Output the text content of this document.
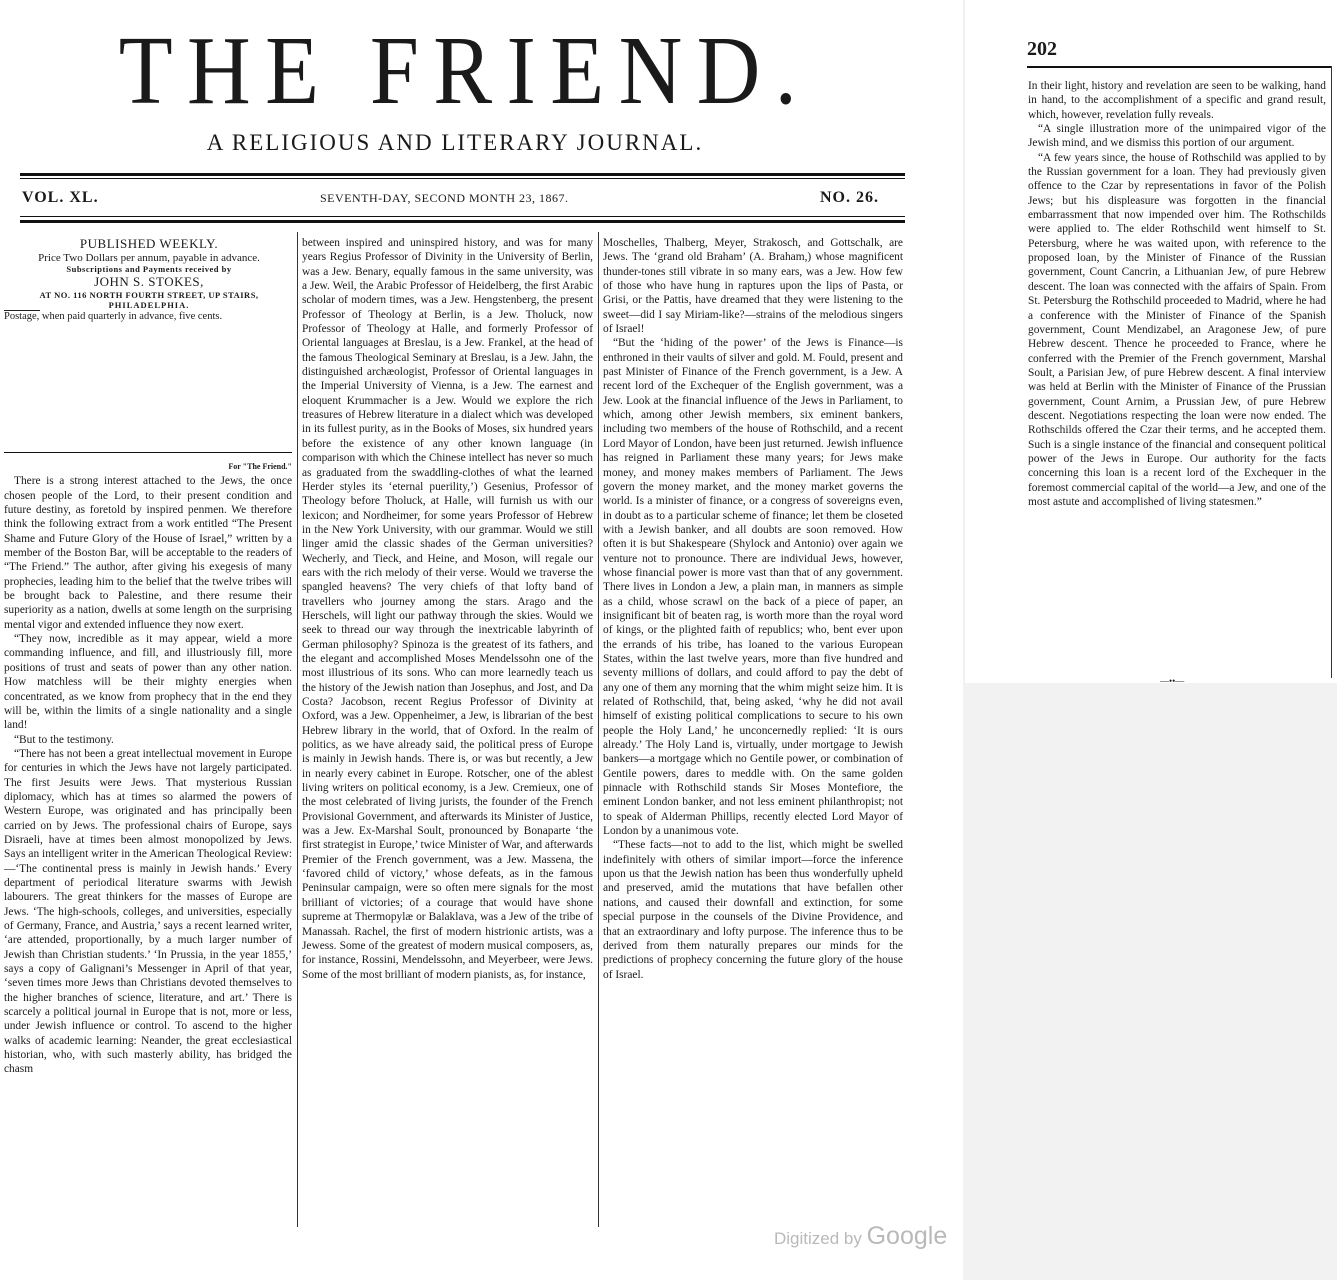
THE FRIEND.
A RELIGIOUS AND LITERARY JOURNAL.
VOL. XL.	SEVENTH-DAY, SECOND MONTH 23, 1867.	NO. 26.
PUBLISHED WEEKLY.
Price Two Dollars per annum, payable in advance.
Subscriptions and Payments received by
JOHN S. STOKES,
AT NO. 116 NORTH FOURTH STREET, UP STAIRS,
PHILADELPHIA.
Postage, when paid quarterly in advance, five cents.

For "The Friend."

There is a strong interest attached to the Jews, the once chosen people of the Lord, to their present condition and future destiny, as foretold by inspired penmen. We therefore think the following extract from a work entitled “The Present Shame and Future Glory of the House of Israel,” written by a member of the Boston Bar, will be acceptable to the readers of “The Friend.” The author, after giving his exegesis of many prophecies, leading him to the belief that the twelve tribes will be brought back to Palestine, and there resume their superiority as a nation, dwells at some length on the surprising mental vigor and extended influence they now exert.

“They now, incredible as it may appear, wield a more commanding influence, and fill, and illustriously fill, more positions of trust and seats of power than any other nation. How matchless will be their mighty energies when concentrated, as we know from prophecy that in the end they will be, within the limits of a single nationality and a single land!

“But to the testimony.

“There has not been a great intellectual movement in Europe for centuries in which the Jews have not largely participated. The first Jesuits were Jews. That mysterious Russian diplomacy, which has at times so alarmed the powers of Western Europe, was originated and has principally been carried on by Jews. The professional chairs of Europe, says Disraeli, have at times been almost monopolized by Jews. Says an intelligent writer in the American Theological Review:—‘The continental press is mainly in Jewish hands.’ Every department of periodical literature swarms with Jewish labourers. The great thinkers for the masses of Europe are Jews. ‘The high-schools, colleges, and universities, especially of Germany, France, and Austria,’ says a recent learned writer, ‘are attended, proportionally, by a much larger number of Jewish than Christian students.’ ‘In Prussia, in the year 1855,’ says a copy of Galignani’s Messenger in April of that year, ‘seven times more Jews than Christians devoted themselves to the higher branches of science, literature, and art.’ There is scarcely a political journal in Europe that is not, more or less, under Jewish influence or control. To ascend to the higher walks of academic learning: Neander, the great ecclesiastical historian, who, with such masterly ability, has bridged the chasm

between inspired and uninspired history, and was for many years Regius Professor of Divinity in the University of Berlin, was a Jew. Benary, equally famous in the same university, was a Jew. Weil, the Arabic Professor of Heidelberg, the first Arabic scholar of modern times, was a Jew. Hengstenberg, the present Professor of Theology at Berlin, is a Jew. Tholuck, now Professor of Theology at Halle, and formerly Professor of Oriental languages at Breslau, is a Jew. Frankel, at the head of the famous Theological Seminary at Breslau, is a Jew. Jahn, the distinguished archæologist, Professor of Oriental languages in the Imperial University of Vienna, is a Jew. The earnest and eloquent Krummacher is a Jew. Would we explore the rich treasures of Hebrew literature in a dialect which was developed in its fullest purity, as in the Books of Moses, six hundred years before the existence of any other known language (in comparison with which the Chinese intellect has never so much as graduated from the swaddling-clothes of what the learned Herder styles its ‘eternal puerility,’) Gesenius, Professor of Theology before Tholuck, at Halle, will furnish us with our lexicon; and Nordheimer, for some years Professor of Hebrew in the New York University, with our grammar. Would we still linger amid the classic shades of the German universities? Wecherly, and Tieck, and Heine, and Moson, will regale our ears with the rich melody of their verse. Would we traverse the spangled heavens? The very chiefs of that lofty band of travellers who journey among the stars. Arago and the Herschels, will light our pathway through the skies. Would we seek to thread our way through the inextricable labyrinth of German philosophy? Spinoza is the greatest of its fathers, and the elegant and accomplished Moses Mendelssohn one of the most illustrious of its sons. Who can more learnedly teach us the history of the Jewish nation than Josephus, and Jost, and Da Costa? Jacobson, recent Regius Professor of Divinity at Oxford, was a Jew. Oppenheimer, a Jew, is librarian of the best Hebrew library in the world, that of Oxford. In the realm of politics, as we have already said, the political press of Europe is mainly in Jewish hands. There is, or was but recently, a Jew in nearly every cabinet in Europe. Rotscher, one of the ablest living writers on political economy, is a Jew. Cremieux, one of the most celebrated of living jurists, the founder of the French Provisional Government, and afterwards its Minister of Justice, was a Jew. Ex-Marshal Soult, pronounced by Bonaparte ‘the first strategist in Europe,’ twice Minister of War, and afterwards Premier of the French government, was a Jew. Massena, the ‘favored child of victory,’ whose defeats, as in the famous Peninsular campaign, were so often mere signals for the most brilliant of victories; of a courage that would have shone supreme at Thermopylæ or Balaklava, was a Jew of the tribe of Manassah. Rachel, the first of modern histrionic artists, was a Jewess. Some of the greatest of modern musical composers, as, for instance, Rossini, Mendelssohn, and Meyerbeer, were Jews. Some of the most brilliant of modern pianists, as, for instance,

Moschelles, Thalberg, Meyer, Strakosch, and Gottschalk, are Jews. The ‘grand old Braham’ (A. Braham,) whose magnificent thunder-tones still vibrate in so many ears, was a Jew. How few of those who have hung in raptures upon the lips of Pasta, or Grisi, or the Pattis, have dreamed that they were listening to the sweet—did I say Miriam-like?—strains of the melodious singers of Israel!

“But the ‘hiding of the power’ of the Jews is Finance—is enthroned in their vaults of silver and gold. M. Fould, present and past Minister of Finance of the French government, is a Jew. A recent lord of the Exchequer of the English government, was a Jew. Look at the financial influence of the Jews in Parliament, to which, among other Jewish members, six eminent bankers, including two members of the house of Rothschild, and a recent Lord Mayor of London, have been just returned. Jewish influence has reigned in Parliament these many years; for Jews make money, and money makes members of Parliament. The Jews govern the money market, and the money market governs the world. Is a minister of finance, or a congress of sovereigns even, in doubt as to a particular scheme of finance; let them be closeted with a Jewish banker, and all doubts are soon removed. How often it is but Shakespeare (Shylock and Antonio) over again we venture not to pronounce. There are individual Jews, however, whose financial power is more vast than that of any government. There lives in London a Jew, a plain man, in manners as simple as a child, whose scrawl on the back of a piece of paper, an insignificant bit of beaten rag, is worth more than the royal word of kings, or the plighted faith of republics; who, bent ever upon the errands of his tribe, has loaned to the various European States, within the last twelve years, more than five hundred and seventy millions of dollars, and could afford to pay the debt of any one of them any morning that the whim might seize him. It is related of Rothschild, that, being asked, ‘why he did not avail himself of existing political complications to secure to his own people the Holy Land,’ he unconcernedly replied: ‘It is ours already.’ The Holy Land is, virtually, under mortgage to Jewish bankers—a mortgage which no Gentile power, or combination of Gentile powers, dares to meddle with. On the same golden pinnacle with Rothschild stands Sir Moses Montefiore, the eminent London banker, and not less eminent philanthropist; not to speak of Alderman Phillips, recently elected Lord Mayor of London by a unanimous vote.

“These facts—not to add to the list, which might be swelled indefinitely with others of similar import—force the inference upon us that the Jewish nation has been thus wonderfully upheld and preserved, amid the mutations that have befallen other nations, and caused their downfall and extinction, for some special purpose in the counsels of the Divine Providence, and that an extraordinary and lofty purpose. The inference thus to be derived from them naturally prepares our minds for the predictions of prophecy concerning the future glory of the house of Israel.

Digitized by Google
202

In their light, history and revelation are seen to be walking, hand in hand, to the accomplishment of a specific and grand result, which, however, revelation fully reveals.

“A single illustration more of the unimpaired vigor of the Jewish mind, and we dismiss this portion of our argument.

“A few years since, the house of Rothschild was applied to by the Russian government for a loan. They had previously given offence to the Czar by representations in favor of the Polish Jews; but his displeasure was forgotten in the financial embarrassment that now impended over him. The Rothschilds were applied to. The elder Rothschild went himself to St. Petersburg, where he was waited upon, with reference to the proposed loan, by the Minister of Finance of the Russian government, Count Cancrin, a Lithuanian Jew, of pure Hebrew descent. The loan was connected with the affairs of Spain. From St. Petersburg the Rothschild proceeded to Madrid, where he had a conference with the Minister of Finance of the Spanish government, Count Mendizabel, an Aragonese Jew, of pure Hebrew descent. Thence he proceeded to France, where he conferred with the Premier of the French government, Marshal Soult, a Parisian Jew, of pure Hebrew descent. A final interview was held at Berlin with the Minister of Finance of the Prussian government, Count Arnim, a Prussian Jew, of pure Hebrew descent. Negotiations respecting the loan were now ended. The Rothschilds offered the Czar their terms, and he accepted them. Such is a single instance of the financial and consequent political power of the Jews in Europe. Our authority for the facts concerning this loan is a recent lord of the Exchequer in the foremost commercial capital of the world—a Jew, and one of the most astute and accomplished of living statesmen.”

—••—
